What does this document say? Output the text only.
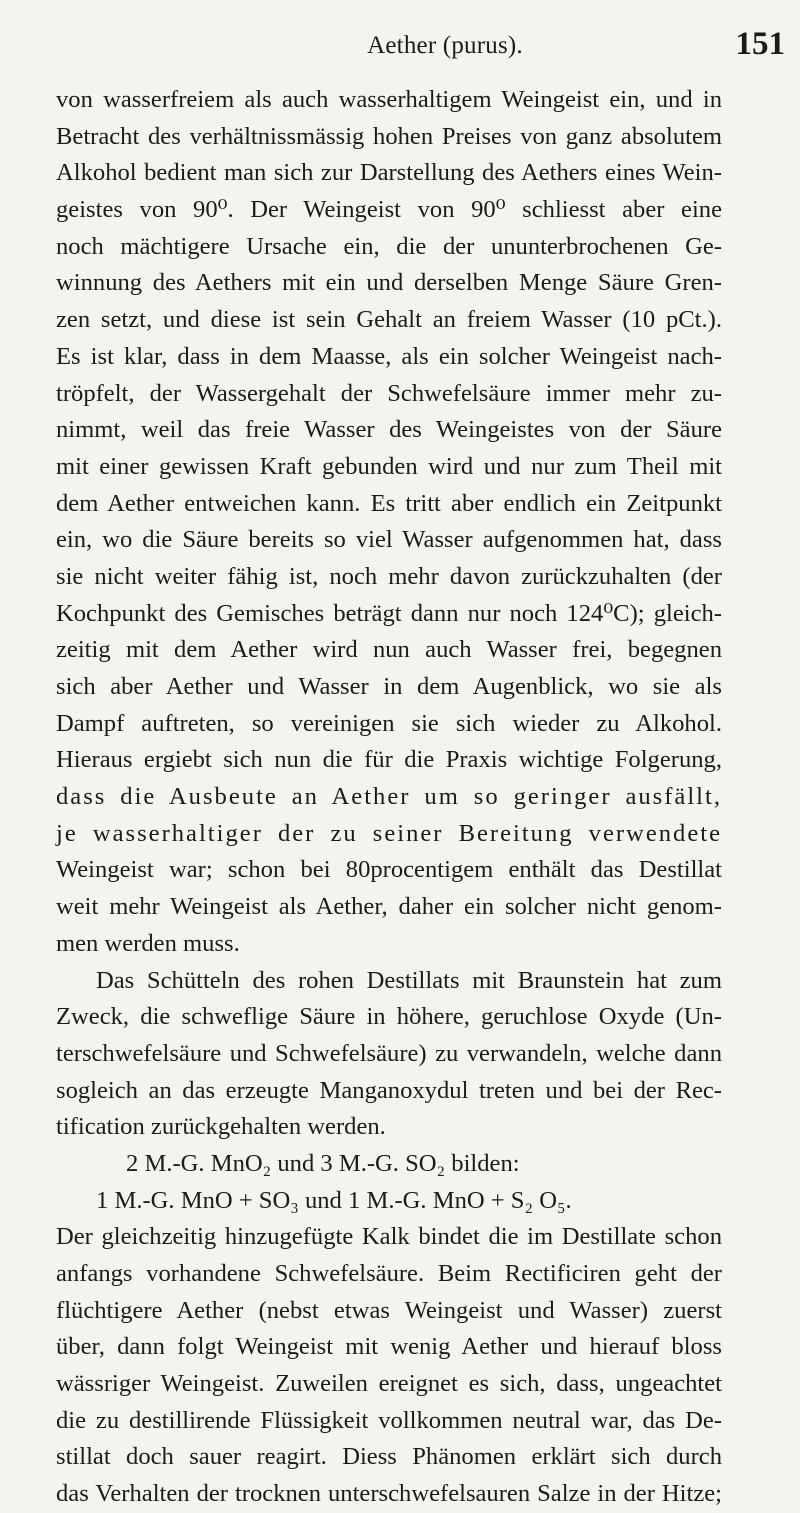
Aether (purus).	151
von wasserfreiem als auch wasserhaltigem Weingeist ein, und in
Betracht des verhältnissmässig hohen Preises von ganz absolutem
Alkohol bedient man sich zur Darstellung des Aethers eines Wein-
geistes von 90⁰. Der Weingeist von 90⁰ schliesst aber eine
noch mächtigere Ursache ein, die der ununterbrochenen Ge-
winnung des Aethers mit ein und derselben Menge Säure Gren-
zen setzt, und diese ist sein Gehalt an freiem Wasser (10 pCt.).
Es ist klar, dass in dem Maasse, als ein solcher Weingeist nach-
tröpfelt, der Wassergehalt der Schwefelsäure immer mehr zu-
nimmt, weil das freie Wasser des Weingeistes von der Säure
mit einer gewissen Kraft gebunden wird und nur zum Theil mit
dem Aether entweichen kann. Es tritt aber endlich ein Zeitpunkt
ein, wo die Säure bereits so viel Wasser aufgenommen hat, dass
sie nicht weiter fähig ist, noch mehr davon zurückzuhalten (der
Kochpunkt des Gemisches beträgt dann nur noch 124⁰C); gleich-
zeitig mit dem Aether wird nun auch Wasser frei, begegnen
sich aber Aether und Wasser in dem Augenblick, wo sie als
Dampf auftreten, so vereinigen sie sich wieder zu Alkohol.
Hieraus ergiebt sich nun die für die Praxis wichtige Folgerung,
dass die Ausbeute an Aether um so geringer ausfällt,
je wasserhaltiger der zu seiner Bereitung verwendete
Weingeist war; schon bei 80procentigem enthält das Destillat
weit mehr Weingeist als Aether, daher ein solcher nicht genom-
men werden muss.
Das Schütteln des rohen Destillats mit Braunstein hat zum
Zweck, die schweflige Säure in höhere, geruchlose Oxyde (Un-
terschwefelsäure und Schwefelsäure) zu verwandeln, welche dann
sogleich an das erzeugte Manganoxydul treten und bei der Rec-
tification zurückgehalten werden.
2 M.-G. MnO₂ und 3 M.-G. SO₂ bilden:
1 M.-G. MnO + SO₃ und 1 M.-G. MnO + S₂ O₅.
Der gleichzeitig hinzugefügte Kalk bindet die im Destillate schon
anfangs vorhandene Schwefelsäure. Beim Rectificiren geht der
flüchtigere Aether (nebst etwas Weingeist und Wasser) zuerst
über, dann folgt Weingeist mit wenig Aether und hierauf bloss
wässriger Weingeist. Zuweilen ereignet es sich, dass, ungeachtet
die zu destillirende Flüssigkeit vollkommen neutral war, das De-
stillat doch sauer reagirt. Diess Phänomen erklärt sich durch
das Verhalten der trocknen unterschwefelsauren Salze in der Hitze;
